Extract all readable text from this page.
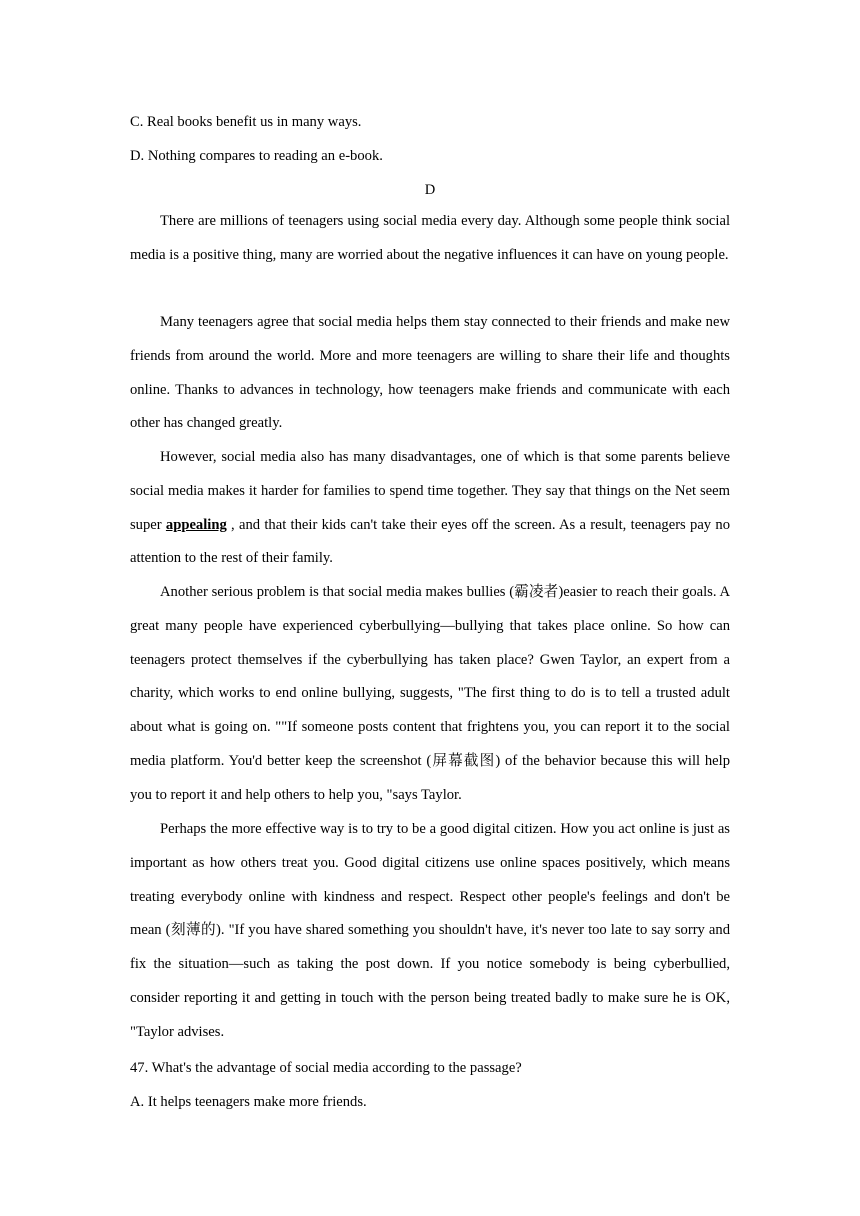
C. Real books benefit us in many ways.
D. Nothing compares to reading an e-book.
D

There are millions of teenagers using social media every day. Although some people think social media is a positive thing, many are worried about the negative influences it can have on young people.

Many teenagers agree that social media helps them stay connected to their friends and make new friends from around the world. More and more teenagers are willing to share their life and thoughts online. Thanks to advances in technology, how teenagers make friends and communicate with each other has changed greatly.

However, social media also has many disadvantages, one of which is that some parents believe social media makes it harder for families to spend time together. They say that things on the Net seem super appealing , and that their kids can't take their eyes off the screen. As a result, teenagers pay no attention to the rest of their family.

Another serious problem is that social media makes bullies (霸凌者)easier to reach their goals. A great many people have experienced cyberbullying—bullying that takes place online. So how can teenagers protect themselves if the cyberbullying has taken place? Gwen Taylor, an expert from a charity, which works to end online bullying, suggests, "The first thing to do is to tell a trusted adult about what is going on. ""If someone posts content that frightens you, you can report it to the social media platform. You'd better keep the screenshot (屏幕截图) of the behavior because this will help you to report it and help others to help you, "says Taylor.

Perhaps the more effective way is to try to be a good digital citizen. How you act online is just as important as how others treat you. Good digital citizens use online spaces positively, which means treating everybody online with kindness and respect. Respect other people's feelings and don't be mean (刻薄的). "If you have shared something you shouldn't have, it's never too late to say sorry and fix the situation—such as taking the post down. If you notice somebody is being cyberbullied, consider reporting it and getting in touch with the person being treated badly to make sure he is OK, "Taylor advises.

47. What's the advantage of social media according to the passage?
A. It helps teenagers make more friends.
